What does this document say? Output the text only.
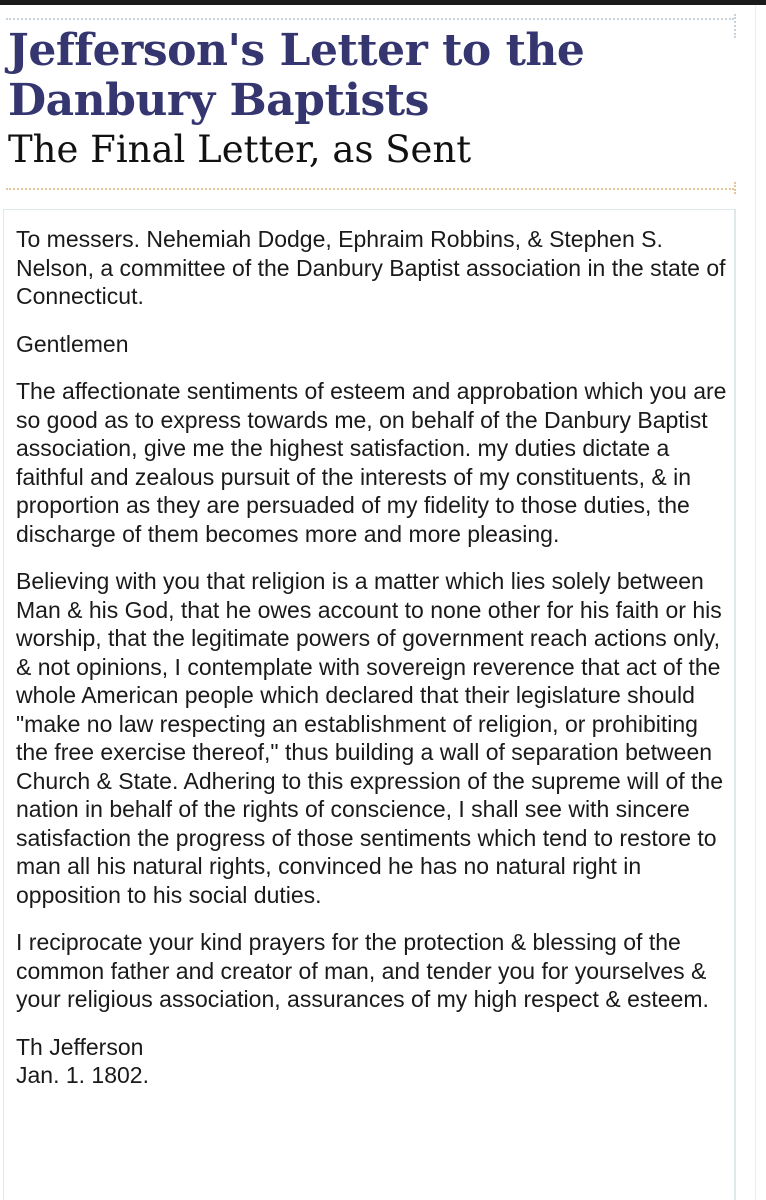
Jefferson's Letter to the Danbury Baptists
The Final Letter, as Sent

To messers. Nehemiah Dodge, Ephraim Robbins, & Stephen S. Nelson, a committee of the Danbury Baptist association in the state of Connecticut.

Gentlemen

The affectionate sentiments of esteem and approbation which you are so good as to express towards me, on behalf of the Danbury Baptist association, give me the highest satisfaction. my duties dictate a faithful and zealous pursuit of the interests of my constituents, & in proportion as they are persuaded of my fidelity to those duties, the discharge of them becomes more and more pleasing.

Believing with you that religion is a matter which lies solely between Man & his God, that he owes account to none other for his faith or his worship, that the legitimate powers of government reach actions only, & not opinions, I contemplate with sovereign reverence that act of the whole American people which declared that their legislature should "make no law respecting an establishment of religion, or prohibiting the free exercise thereof," thus building a wall of separation between Church & State. Adhering to this expression of the supreme will of the nation in behalf of the rights of conscience, I shall see with sincere satisfaction the progress of those sentiments which tend to restore to man all his natural rights, convinced he has no natural right in opposition to his social duties.

I reciprocate your kind prayers for the protection & blessing of the common father and creator of man, and tender you for yourselves & your religious association, assurances of my high respect & esteem.

Th Jefferson

Jan. 1. 1802.
